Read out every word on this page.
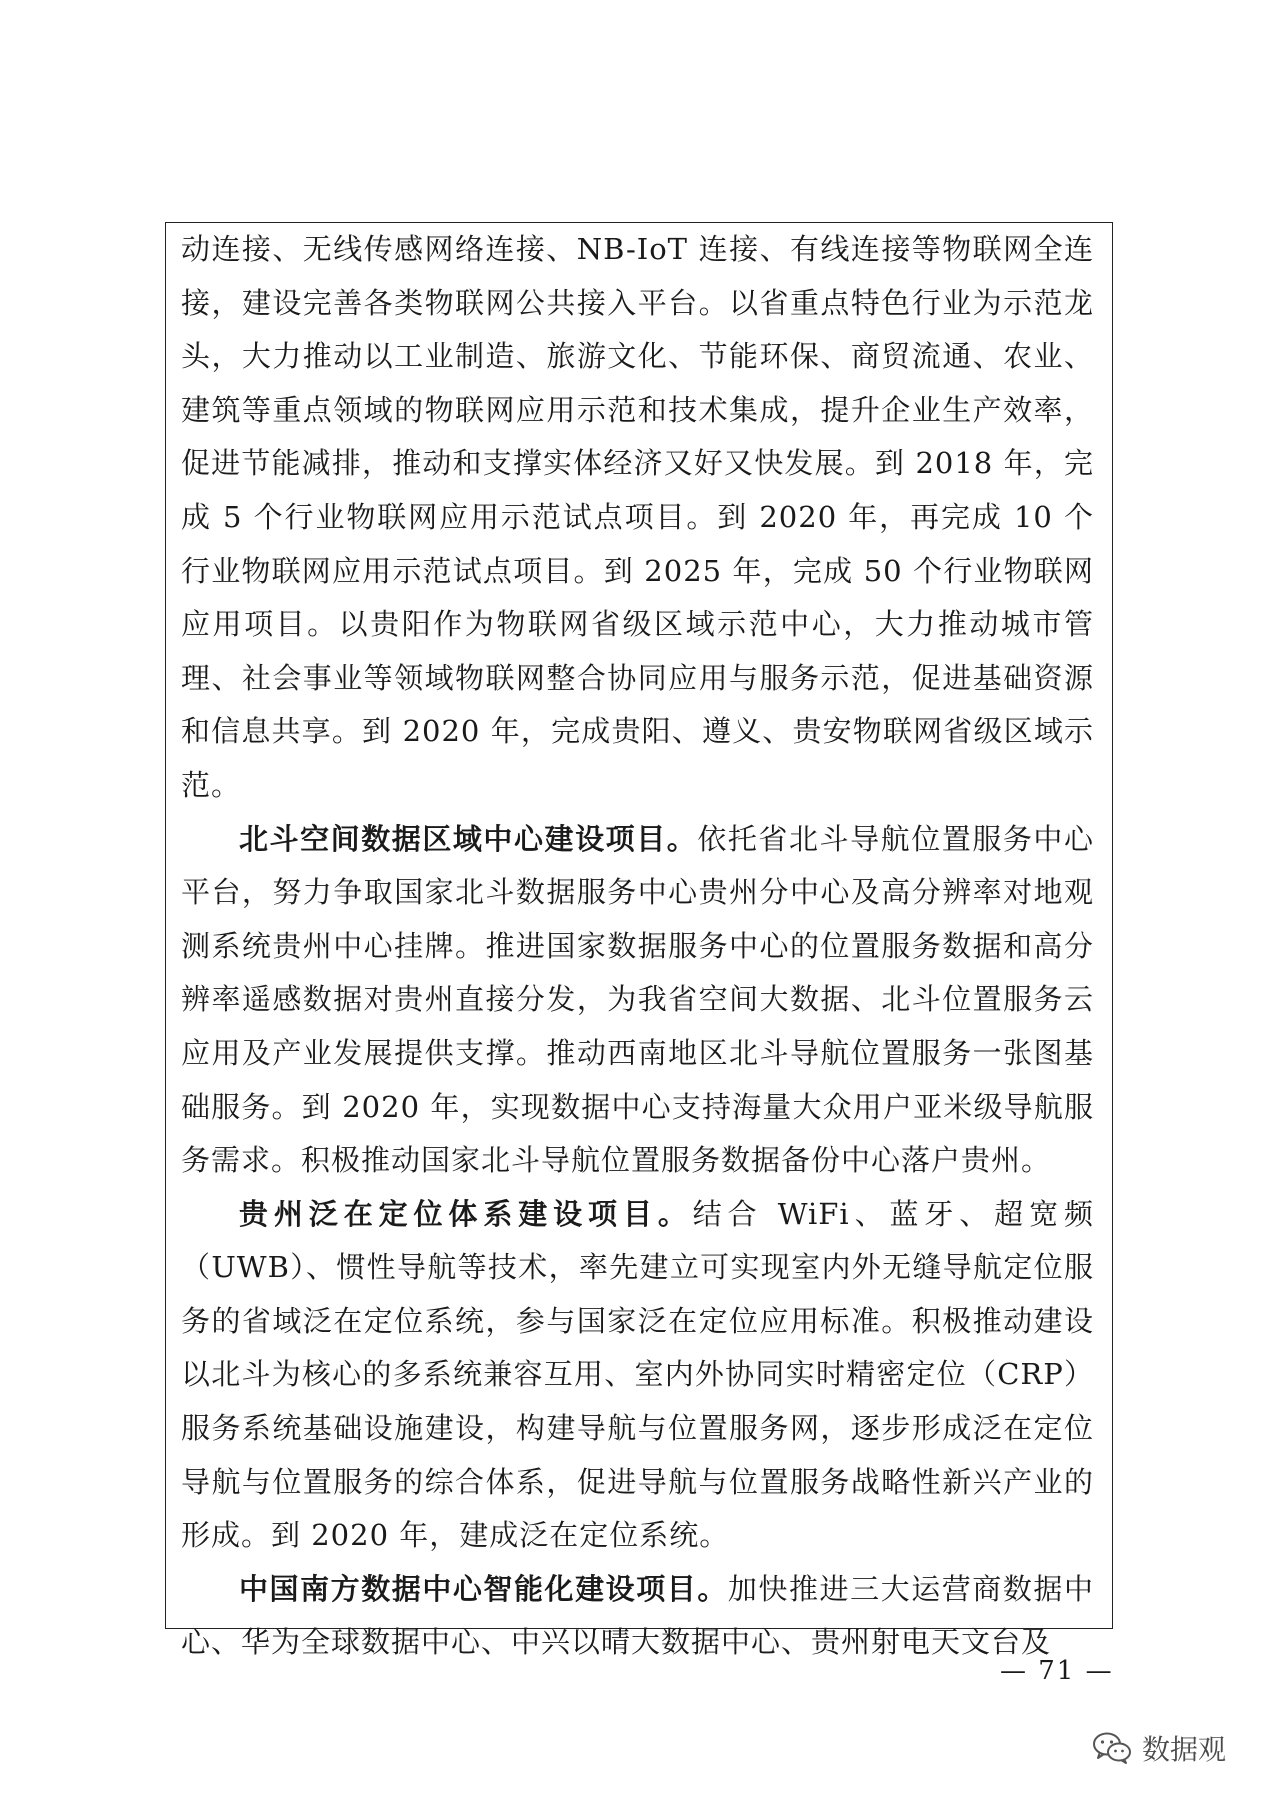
动连接、无线传感网络连接、NB-IoT 连接、有线连接等物联网全连接，建设完善各类物联网公共接入平台。以省重点特色行业为示范龙头，大力推动以工业制造、旅游文化、节能环保、商贸流通、农业、建筑等重点领域的物联网应用示范和技术集成，提升企业生产效率，促进节能减排，推动和支撑实体经济又好又快发展。到 2018 年，完成 5 个行业物联网应用示范试点项目。到 2020 年，再完成 10 个行业物联网应用示范试点项目。到 2025 年，完成 50 个行业物联网应用项目。以贵阳作为物联网省级区域示范中心，大力推动城市管理、社会事业等领域物联网整合协同应用与服务示范，促进基础资源和信息共享。到 2020 年，完成贵阳、遵义、贵安物联网省级区域示范。

北斗空间数据区域中心建设项目。依托省北斗导航位置服务中心平台，努力争取国家北斗数据服务中心贵州分中心及高分辨率对地观测系统贵州中心挂牌。推进国家数据服务中心的位置服务数据和高分辨率遥感数据对贵州直接分发，为我省空间大数据、北斗位置服务云应用及产业发展提供支撑。推动西南地区北斗导航位置服务一张图基础服务。到 2020 年，实现数据中心支持海量大众用户亚米级导航服务需求。积极推动国家北斗导航位置服务数据备份中心落户贵州。

贵州泛在定位体系建设项目。结合 WiFi、蓝牙、超宽频（UWB）、惯性导航等技术，率先建立可实现室内外无缝导航定位服务的省域泛在定位系统，参与国家泛在定位应用标准。积极推动建设以北斗为核心的多系统兼容互用、室内外协同实时精密定位（CRP）服务系统基础设施建设，构建导航与位置服务网，逐步形成泛在定位导航与位置服务的综合体系，促进导航与位置服务战略性新兴产业的形成。到 2020 年，建成泛在定位系统。

中国南方数据中心智能化建设项目。加快推进三大运营商数据中心、华为全球数据中心、中兴以晴大数据中心、贵州射电天文台及

— 71 —
数据观
